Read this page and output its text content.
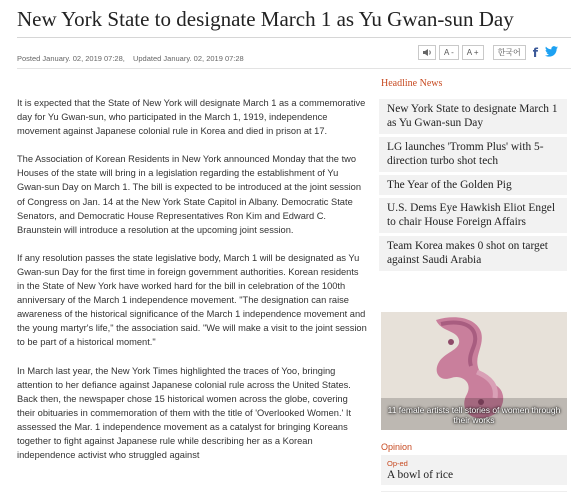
New York State to designate March 1 as Yu Gwan-sun Day
Posted January. 02, 2019 07:28, Updated January. 02, 2019 07:28
A -	A +	한국어	f

It is expected that the State of New York will designate March 1 as a commemorative day for Yu Gwan-sun, who participated in the March 1, 1919, independence movement against Japanese colonial rule in Korea and died in prison at 17.

The Association of Korean Residents in New York announced Monday that the two Houses of the state will bring in a legislation regarding the establishment of Yu Gwan-sun Day on March 1. The bill is expected to be introduced at the joint session of Congress on Jan. 14 at the New York State Capitol in Albany. Democratic State Senators, and Democratic House Representatives Ron Kim and Edward C. Braunstein will introduce a resolution at the upcoming joint session.

If any resolution passes the state legislative body, March 1 will be designated as Yu Gwan-sun Day for the first time in foreign government authorities. Korean residents in the State of New York have worked hard for the bill in celebration of the 100th anniversary of the March 1 independence movement. "The designation can raise awareness of the historical significance of the March 1 independence movement and the young martyr's life," the association said. "We will make a visit to the joint session to be part of a historical moment."

In March last year, the New York Times highlighted the traces of Yoo, bringing attention to her defiance against Japanese colonial rule across the United States. Back then, the newspaper chose 15 historical women across the globe, covering their obituaries in commemoration of them with the title of 'Overlooked Women.' It assessed the Mar. 1 independence movement as a catalyst for bringing Koreans together to fight against Japanese rule while describing her as a Korean independence activist who struggled against

Headline News
New York State to designate March 1 as Yu Gwan-sun Day
LG launches 'Tromm Plus' with 5-direction turbo shot tech
The Year of the Golden Pig
U.S. Dems Eye Hawkish Eliot Engel to chair House Foreign Affairs
Team Korea makes 0 shot on target against Saudi Arabia
11 female artists tell stories of women through their works
Opinion
Op-ed
A bowl of rice
